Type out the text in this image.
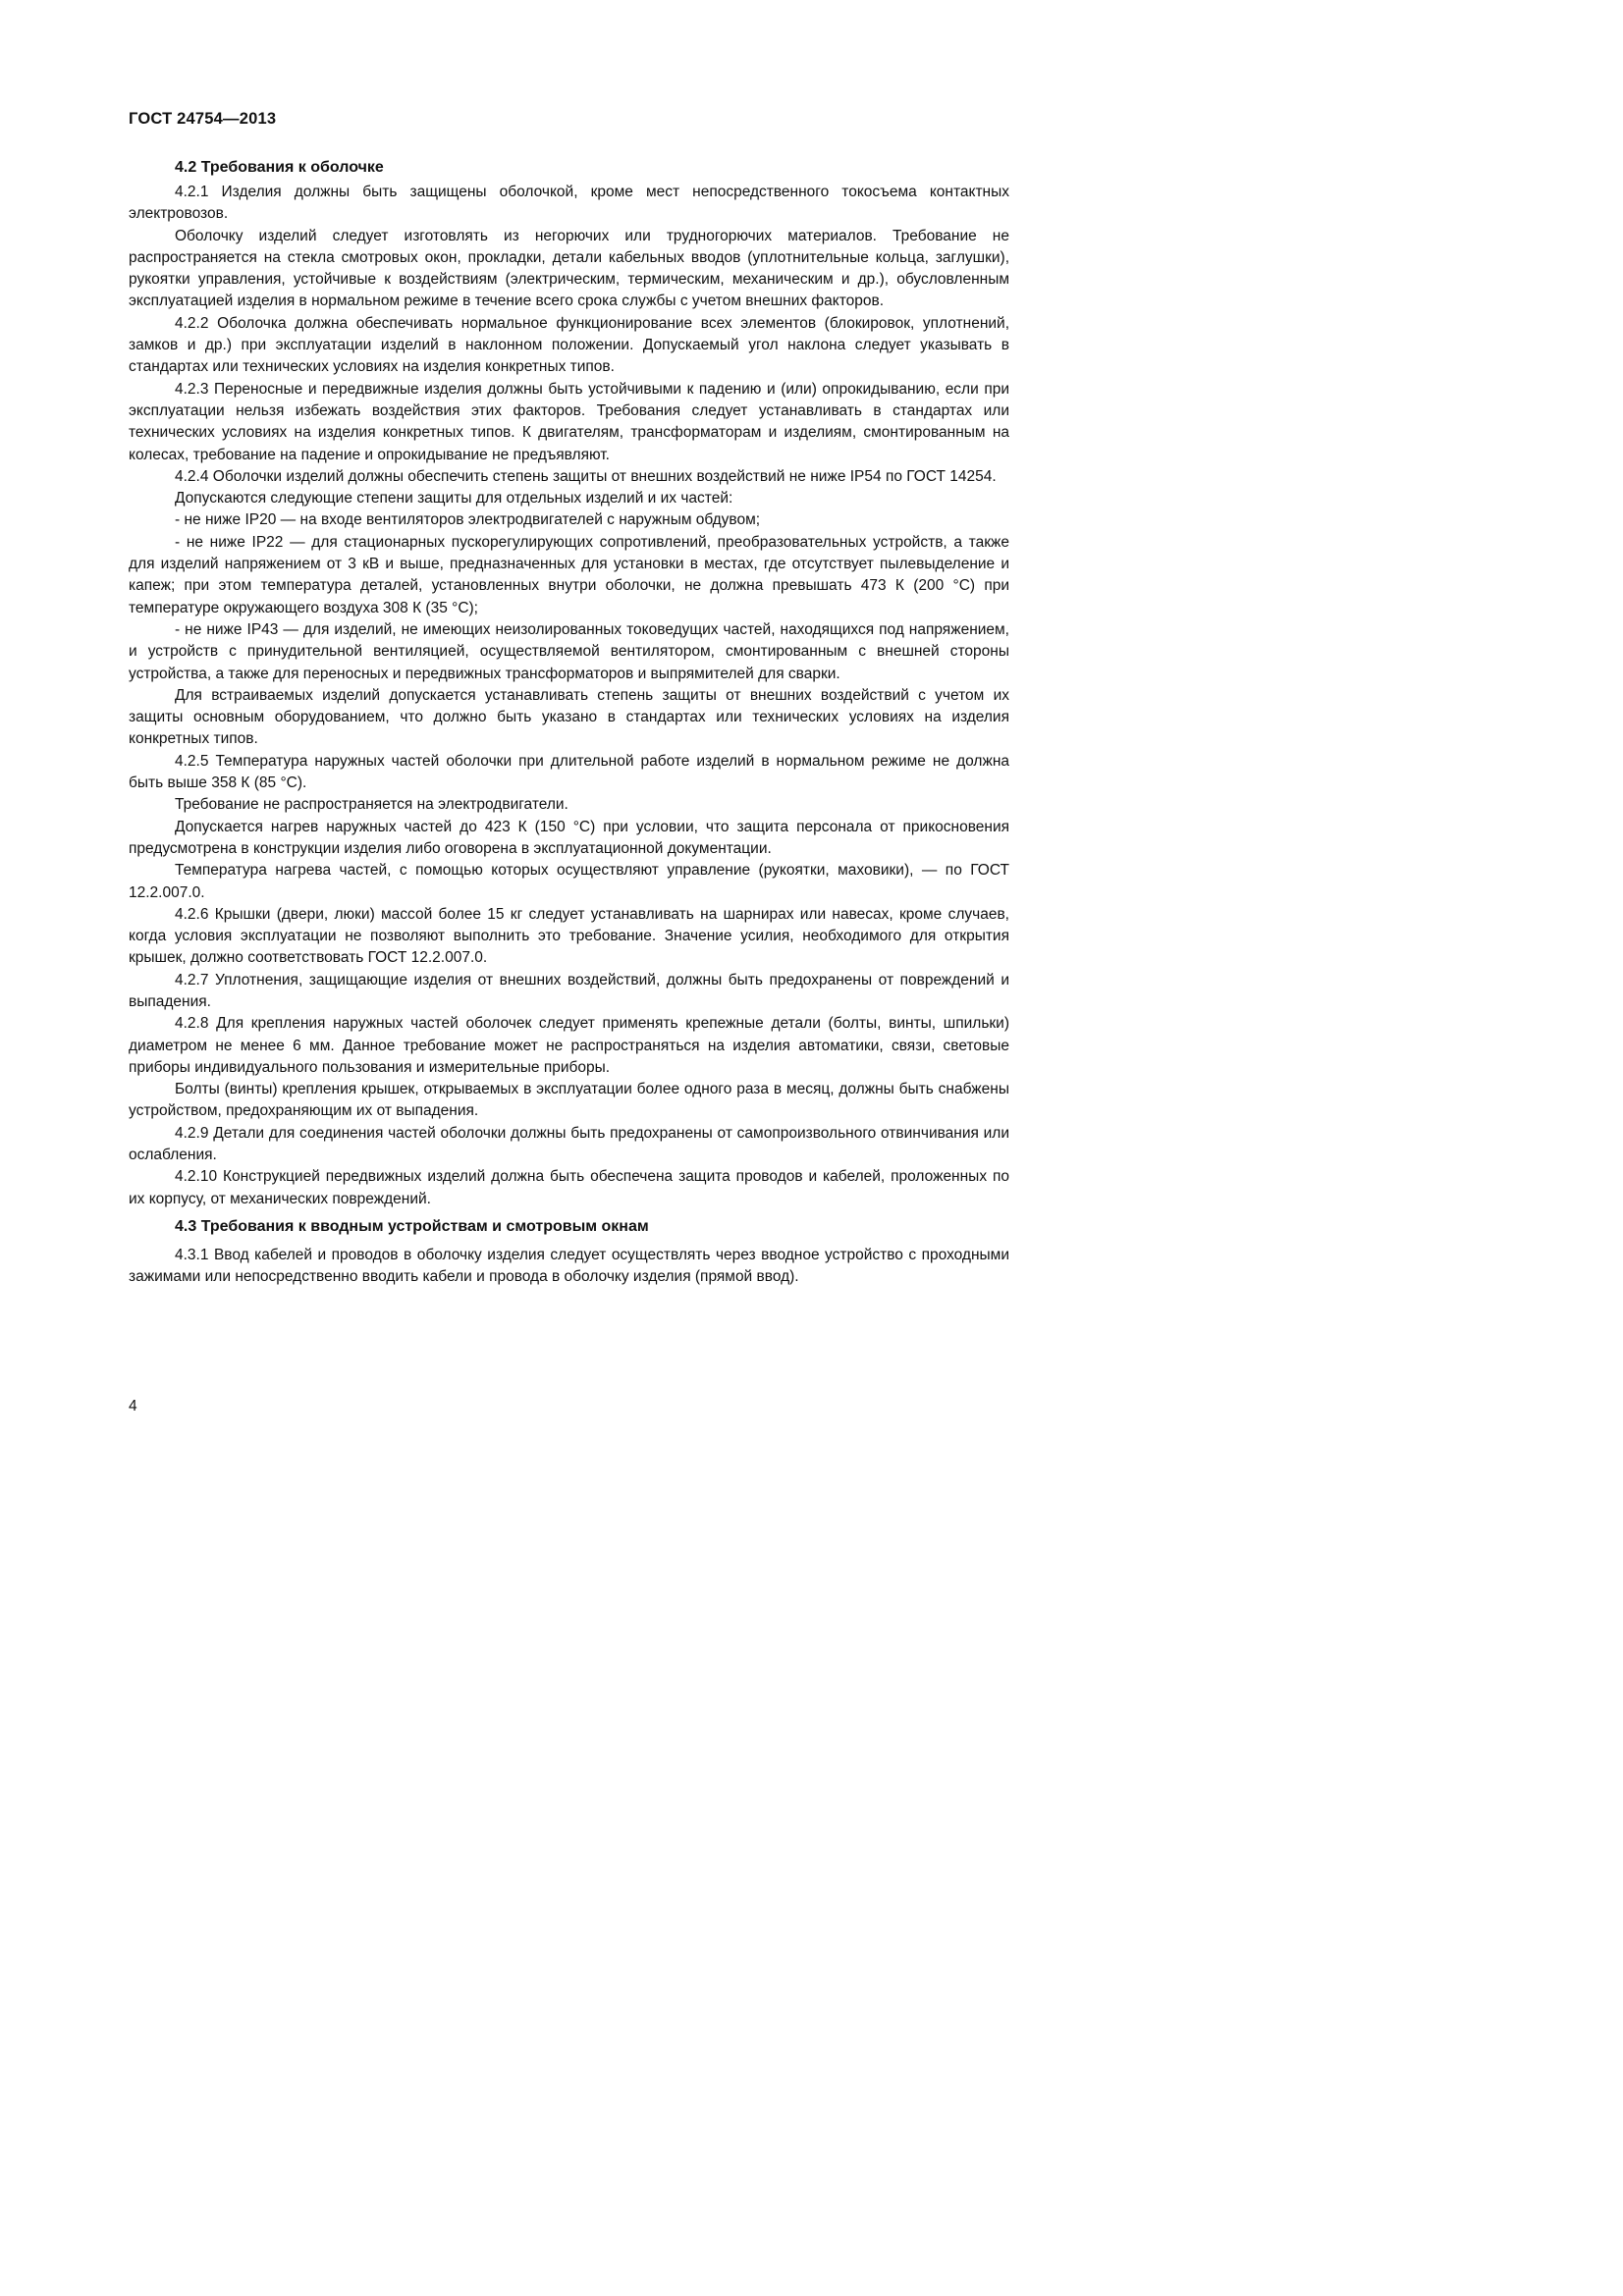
ГОСТ 24754—2013
4.2 Требования к оболочке

4.2.1 Изделия должны быть защищены оболочкой, кроме мест непосредственного токосъема контактных электровозов.

Оболочку изделий следует изготовлять из негорючих или трудногорючих материалов. Требование не распространяется на стекла смотровых окон, прокладки, детали кабельных вводов (уплотнительные кольца, заглушки), рукоятки управления, устойчивые к воздействиям (электрическим, термическим, механическим и др.), обусловленным эксплуатацией изделия в нормальном режиме в течение всего срока службы с учетом внешних факторов.

4.2.2 Оболочка должна обеспечивать нормальное функционирование всех элементов (блокировок, уплотнений, замков и др.) при эксплуатации изделий в наклонном положении. Допускаемый угол наклона следует указывать в стандартах или технических условиях на изделия конкретных типов.

4.2.3 Переносные и передвижные изделия должны быть устойчивыми к падению и (или) опрокидыванию, если при эксплуатации нельзя избежать воздействия этих факторов. Требования следует устанавливать в стандартах или технических условиях на изделия конкретных типов. К двигателям, трансформаторам и изделиям, смонтированным на колесах, требование на падение и опрокидывание не предъявляют.

4.2.4 Оболочки изделий должны обеспечить степень защиты от внешних воздействий не ниже IP54 по ГОСТ 14254.

Допускаются следующие степени защиты для отдельных изделий и их частей:

- не ниже IP20 — на входе вентиляторов электродвигателей с наружным обдувом;

- не ниже IP22 — для стационарных пускорегулирующих сопротивлений, преобразовательных устройств, а также для изделий напряжением от 3 кВ и выше, предназначенных для установки в местах, где отсутствует пылевыделение и капеж; при этом температура деталей, установленных внутри оболочки, не должна превышать 473 К (200 °С) при температуре окружающего воздуха 308 К (35 °С);

- не ниже IP43 — для изделий, не имеющих неизолированных токоведущих частей, находящихся под напряжением, и устройств с принудительной вентиляцией, осуществляемой вентилятором, смонтированным с внешней стороны устройства, а также для переносных и передвижных трансформаторов и выпрямителей для сварки.

Для встраиваемых изделий допускается устанавливать степень защиты от внешних воздействий с учетом их защиты основным оборудованием, что должно быть указано в стандартах или технических условиях на изделия конкретных типов.

4.2.5 Температура наружных частей оболочки при длительной работе изделий в нормальном режиме не должна быть выше 358 К (85 °С).

Требование не распространяется на электродвигатели.

Допускается нагрев наружных частей до 423 К (150 °С) при условии, что защита персонала от прикосновения предусмотрена в конструкции изделия либо оговорена в эксплуатационной документации.

Температура нагрева частей, с помощью которых осуществляют управление (рукоятки, маховики), — по ГОСТ 12.2.007.0.

4.2.6 Крышки (двери, люки) массой более 15 кг следует устанавливать на шарнирах или навесах, кроме случаев, когда условия эксплуатации не позволяют выполнить это требование. Значение усилия, необходимого для открытия крышек, должно соответствовать ГОСТ 12.2.007.0.

4.2.7 Уплотнения, защищающие изделия от внешних воздействий, должны быть предохранены от повреждений и выпадения.

4.2.8 Для крепления наружных частей оболочек следует применять крепежные детали (болты, винты, шпильки) диаметром не менее 6 мм. Данное требование может не распространяться на изделия автоматики, связи, световые приборы индивидуального пользования и измерительные приборы.

Болты (винты) крепления крышек, открываемых в эксплуатации более одного раза в месяц, должны быть снабжены устройством, предохраняющим их от выпадения.

4.2.9 Детали для соединения частей оболочки должны быть предохранены от самопроизвольного отвинчивания или ослабления.

4.2.10 Конструкцией передвижных изделий должна быть обеспечена защита проводов и кабелей, проложенных по их корпусу, от механических повреждений.

4.3 Требования к вводным устройствам и смотровым окнам

4.3.1 Ввод кабелей и проводов в оболочку изделия следует осуществлять через вводное устройство с проходными зажимами или непосредственно вводить кабели и провода в оболочку изделия (прямой ввод).

4
